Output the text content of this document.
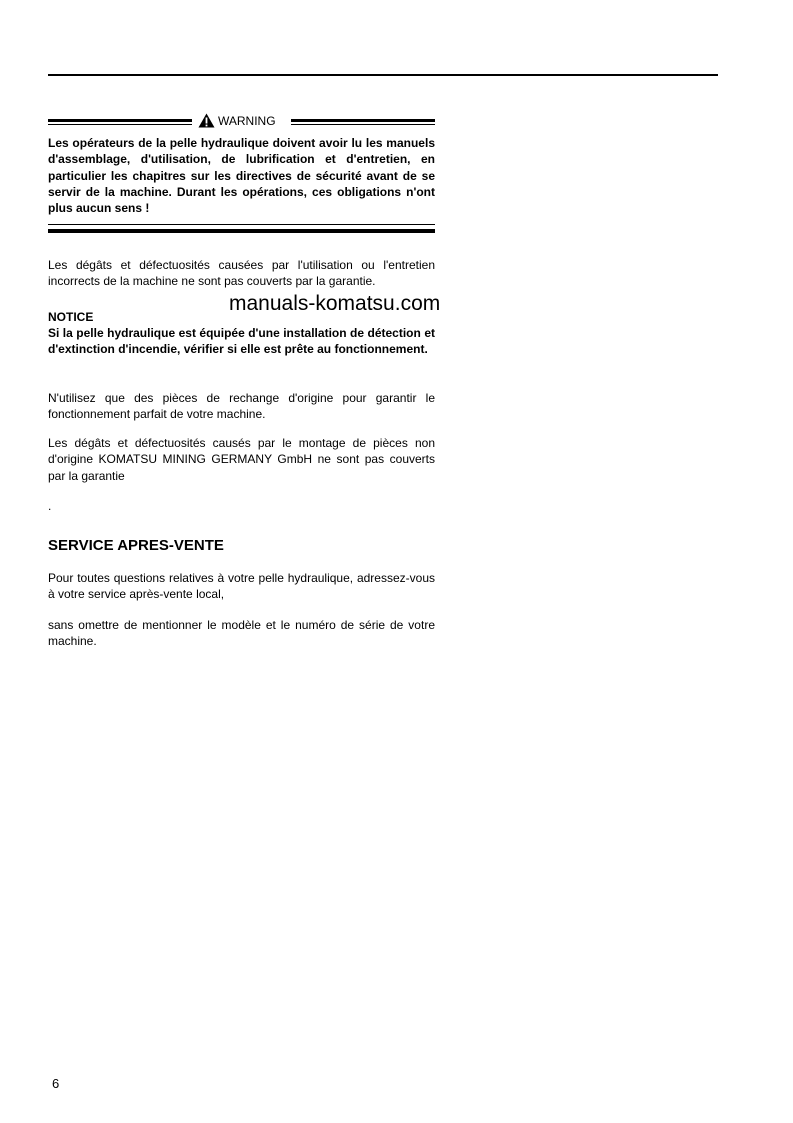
WARNING

Les opérateurs de la pelle hydraulique doivent avoir lu les manuels d'assemblage, d'utilisation, de lubrification et d'entretien, en particulier les chapitres sur les directives de sécurité avant de se servir de la machine. Durant les opérations, ces obligations n'ont plus aucun sens !

Les dégâts et défectuosités causées par l'utilisation ou l'entretien incorrects de la machine ne sont pas couverts par la garantie.

manuals-komatsu.com

NOTICE

Si la pelle hydraulique est équipée d'une installation de détection et d'extinction d'incendie, vérifier si elle est prête au fonctionnement.

N'utilisez que des pièces de rechange d'origine pour garantir le fonctionnement parfait de votre machine.

Les dégâts et défectuosités causés par le montage de pièces non d'origine KOMATSU MINING GERMANY GmbH ne sont pas couverts par la garantie

.

SERVICE APRES-VENTE

Pour toutes questions relatives à votre pelle hydraulique, adressez-vous à votre service après-vente local,

sans omettre de mentionner le modèle et le numéro de série de votre machine.

6
